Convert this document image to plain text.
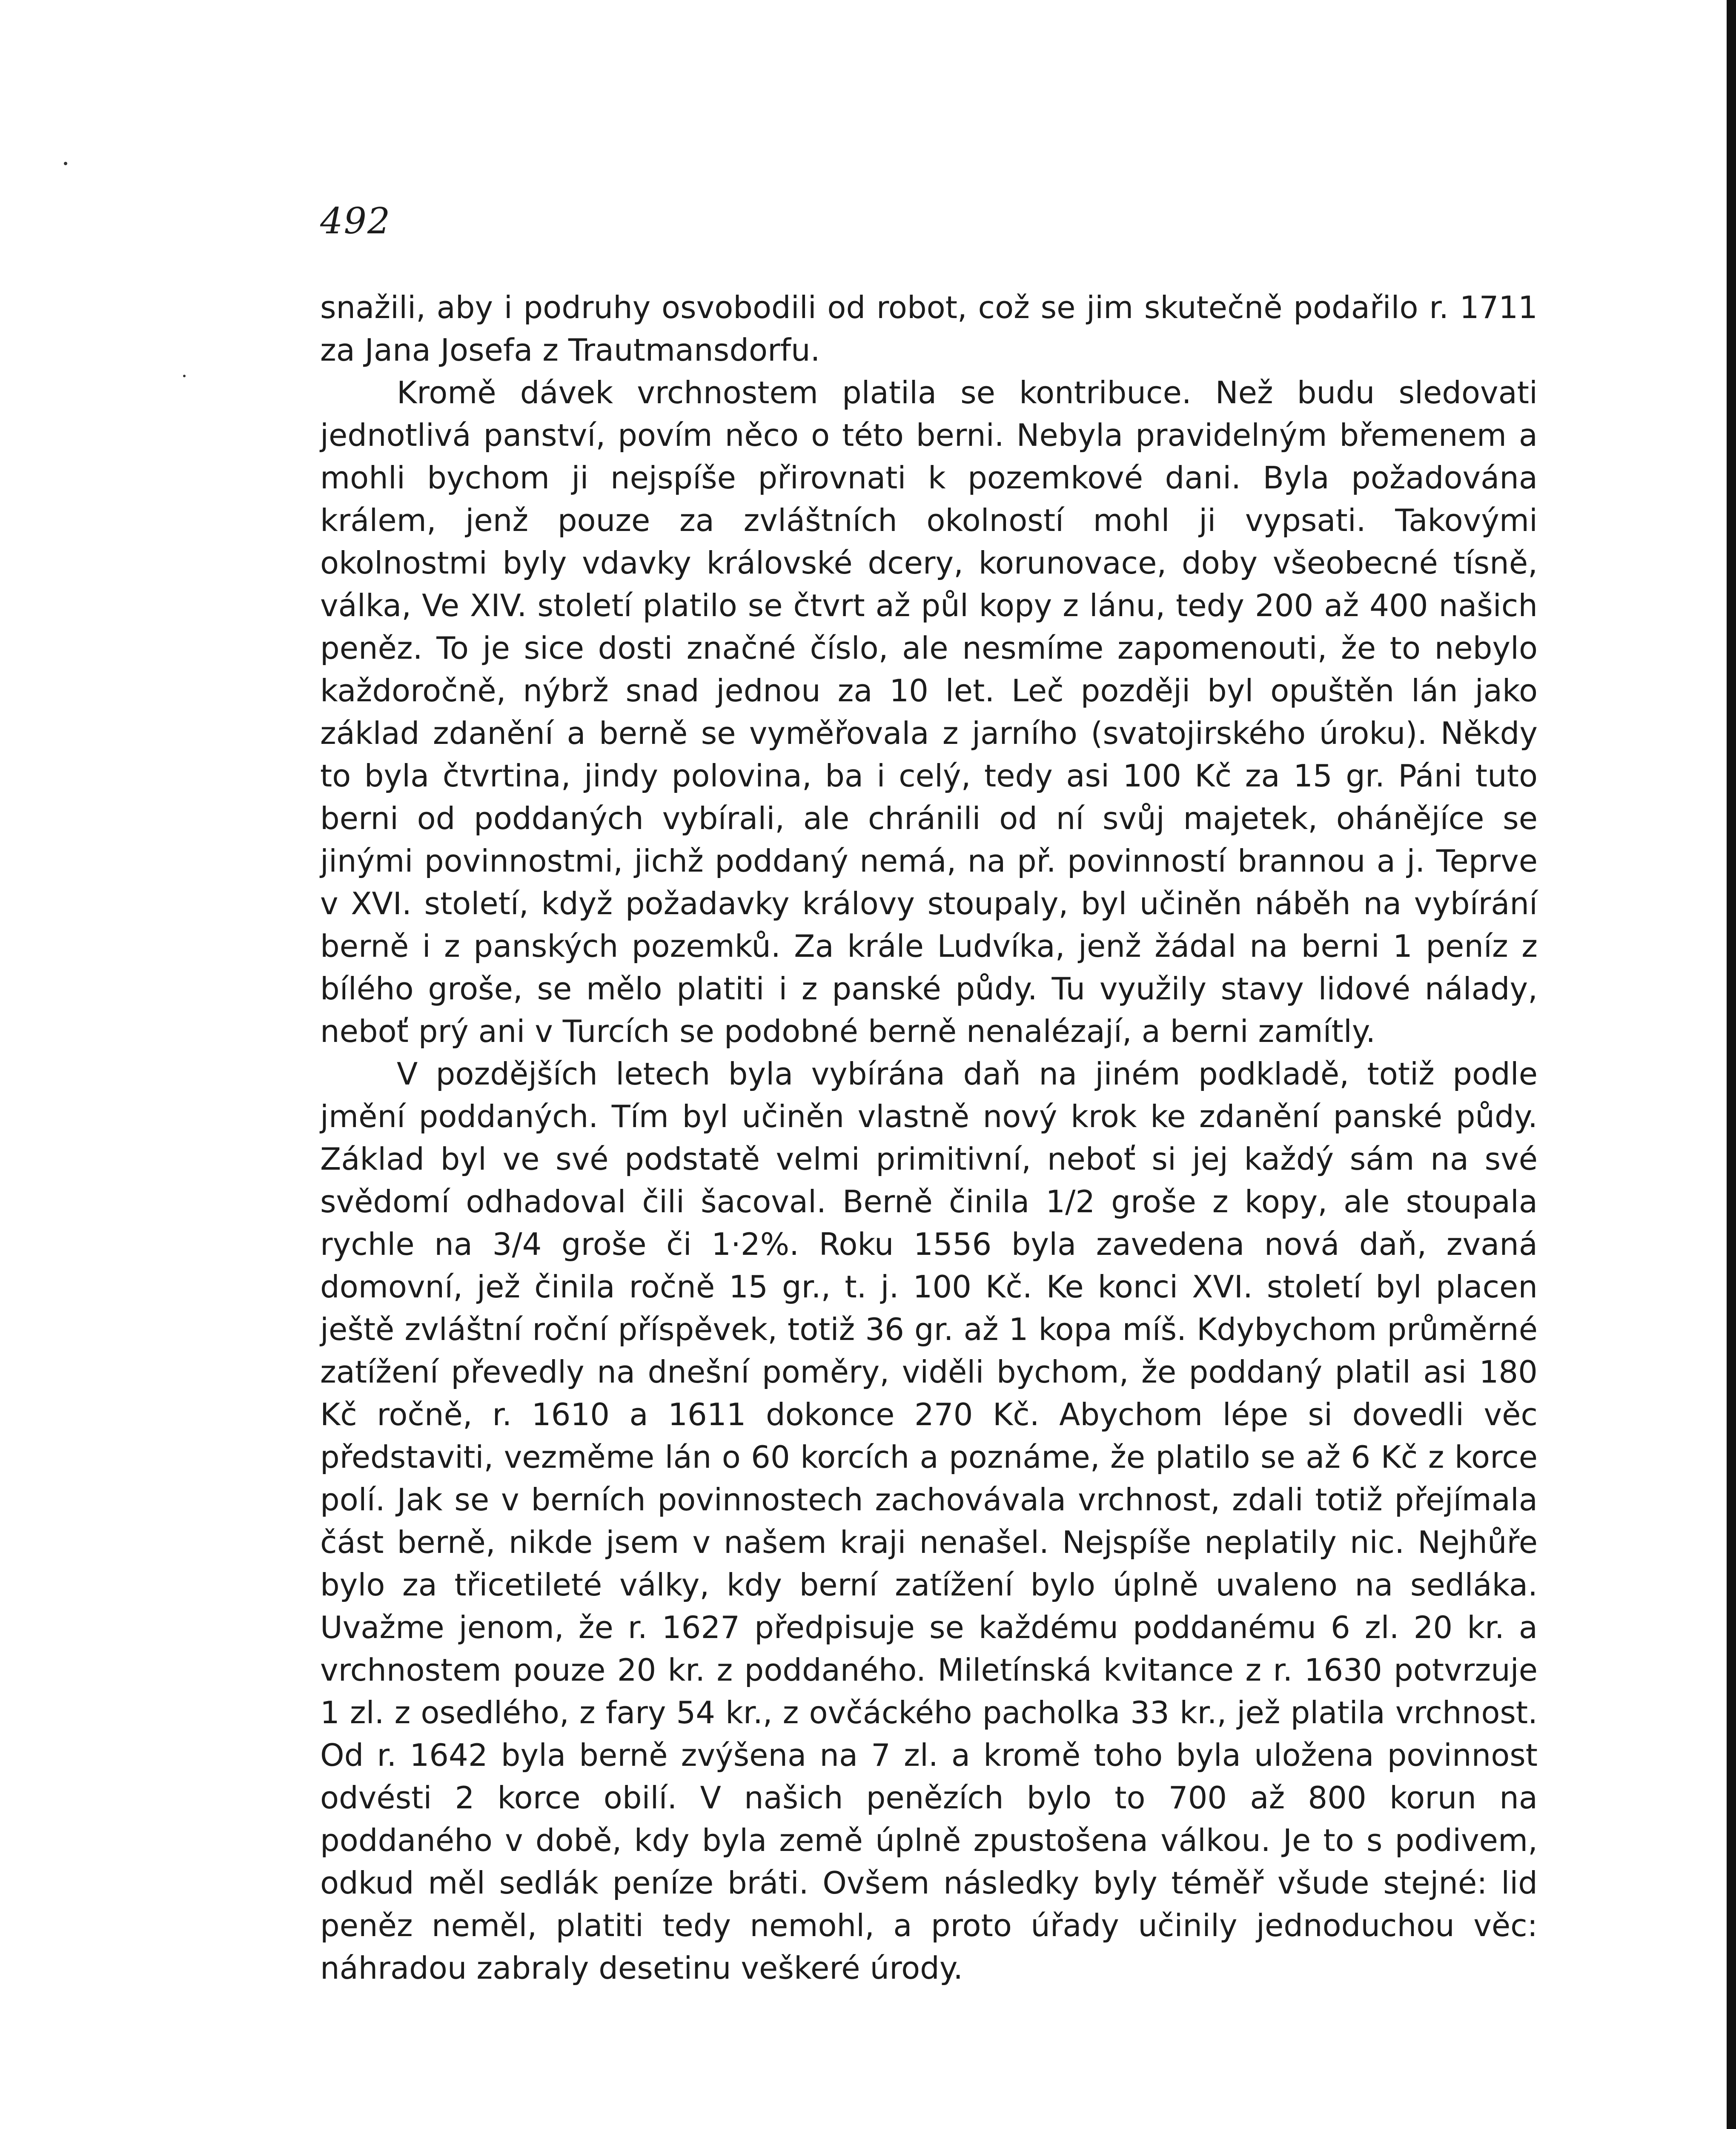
492

snažili, aby i podruhy osvobodili od robot, což se jim skutečně podařilo r. 1711 za Jana Josefa z Trautmansdorfu.

Kromě dávek vrchnostem platila se kontribuce. Než budu sledovati jednotlivá panství, povím něco o této berni. Nebyla pravidelným břemenem a mohli bychom ji nejspíše přirovnati k pozemkové dani. Byla požadována králem, jenž pouze za zvláštních okolností mohl ji vypsati. Takovými okolnostmi byly vdavky královské dcery, korunovace, doby všeobecné tísně, válka, Ve XIV. století platilo se čtvrt až půl kopy z lánu, tedy 200 až 400 našich peněz. To je sice dosti značné číslo, ale nesmíme zapomenouti, že to nebylo každoročně, nýbrž snad jednou za 10 let. Leč později byl opuštěn lán jako základ zdanění a berně se vyměřovala z jarního (svatojirského úroku). Někdy to byla čtvrtina, jindy polovina, ba i celý, tedy asi 100 Kč za 15 gr. Páni tuto berni od poddaných vybírali, ale chránili od ní svůj majetek, ohánějíce se jinými povinnostmi, jichž poddaný nemá, na př. povinností brannou a j. Teprve v XVI. století, když požadavky královy stoupaly, byl učiněn náběh na vybírání berně i z panských pozemků. Za krále Ludvíka, jenž žádal na berni 1 peníz z bílého groše, se mělo platiti i z panské půdy. Tu využily stavy lidové nálady, neboť prý ani v Turcích se podobné berně nenalézají, a berni zamítly.

V pozdějších letech byla vybírána daň na jiném podkladě, totiž podle jmění poddaných. Tím byl učiněn vlastně nový krok ke zdanění panské půdy. Základ byl ve své podstatě velmi primitivní, neboť si jej každý sám na své svědomí odhadoval čili šacoval. Berně činila 1/2 groše z kopy, ale stoupala rychle na 3/4 groše či 1·2%. Roku 1556 byla zavedena nová daň, zvaná domovní, jež činila ročně 15 gr., t. j. 100 Kč. Ke konci XVI. století byl placen ještě zvláštní roční příspěvek, totiž 36 gr. až 1 kopa míš. Kdybychom průměrné zatížení převedly na dnešní poměry, viděli bychom, že poddaný platil asi 180 Kč ročně, r. 1610 a 1611 dokonce 270 Kč. Abychom lépe si dovedli věc představiti, vezměme lán o 60 korcích a poznáme, že platilo se až 6 Kč z korce polí. Jak se v berních povinnostech zachovávala vrchnost, zdali totiž přejímala část berně, nikde jsem v našem kraji nenašel. Nejspíše neplatily nic. Nejhůře bylo za třicetileté války, kdy berní zatížení bylo úplně uvaleno na sedláka. Uvažme jenom, že r. 1627 předpisuje se každému poddanému 6 zl. 20 kr. a vrchnostem pouze 20 kr. z poddaného. Miletínská kvitance z r. 1630 potvrzuje 1 zl. z osedlého, z fary 54 kr., z ovčáckého pacholka 33 kr., jež platila vrchnost. Od r. 1642 byla berně zvýšena na 7 zl. a kromě toho byla uložena povinnost odvésti 2 korce obilí. V našich penězích bylo to 700 až 800 korun na poddaného v době, kdy byla země úplně zpustošena válkou. Je to s podivem, odkud měl sedlák peníze bráti. Ovšem následky byly téměř všude stejné: lid peněz neměl, platiti tedy nemohl, a proto úřady učinily jednoduchou věc: náhradou zabraly desetinu veškeré úrody.
